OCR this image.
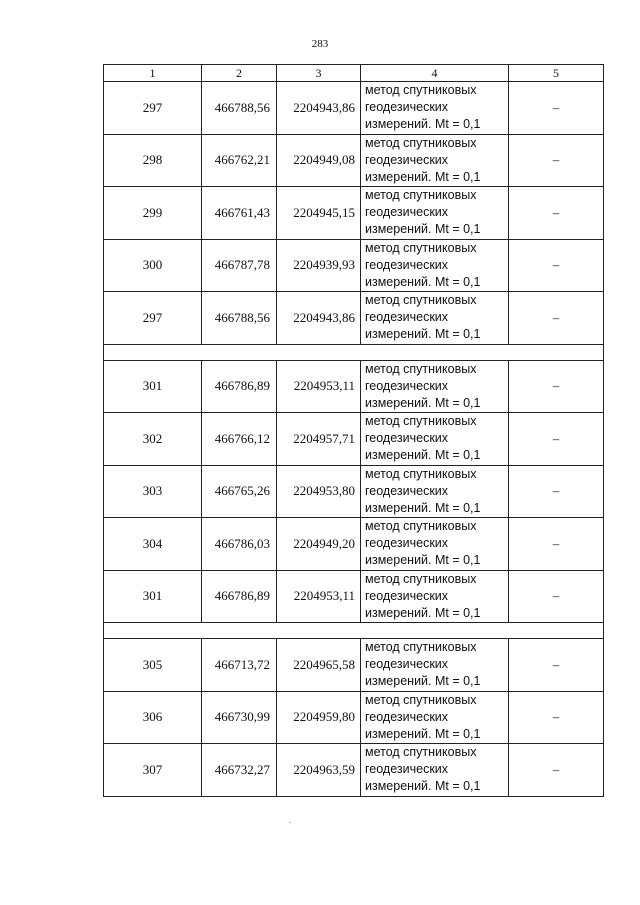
283
1	2	3	4	5
297	466788,56	2204943,86	метод спутниковых
геодезических
измерений. Mt = 0,1	–
298	466762,21	2204949,08	метод спутниковых
геодезических
измерений. Mt = 0,1	–
299	466761,43	2204945,15	метод спутниковых
геодезических
измерений. Mt = 0,1	–
300	466787,78	2204939,93	метод спутниковых
геодезических
измерений. Mt = 0,1	–
297	466788,56	2204943,86	метод спутниковых
геодезических
измерений. Mt = 0,1	–

301	466786,89	2204953,11	метод спутниковых
геодезических
измерений. Mt = 0,1	–
302	466766,12	2204957,71	метод спутниковых
геодезических
измерений. Mt = 0,1	–
303	466765,26	2204953,80	метод спутниковых
геодезических
измерений. Mt = 0,1	–
304	466786,03	2204949,20	метод спутниковых
геодезических
измерений. Mt = 0,1	–
301	466786,89	2204953,11	метод спутниковых
геодезических
измерений. Mt = 0,1	–

305	466713,72	2204965,58	метод спутниковых
геодезических
измерений. Mt = 0,1	–
306	466730,99	2204959,80	метод спутниковых
геодезических
измерений. Mt = 0,1	–
307	466732,27	2204963,59	метод спутниковых
геодезических
измерений. Mt = 0,1	–
